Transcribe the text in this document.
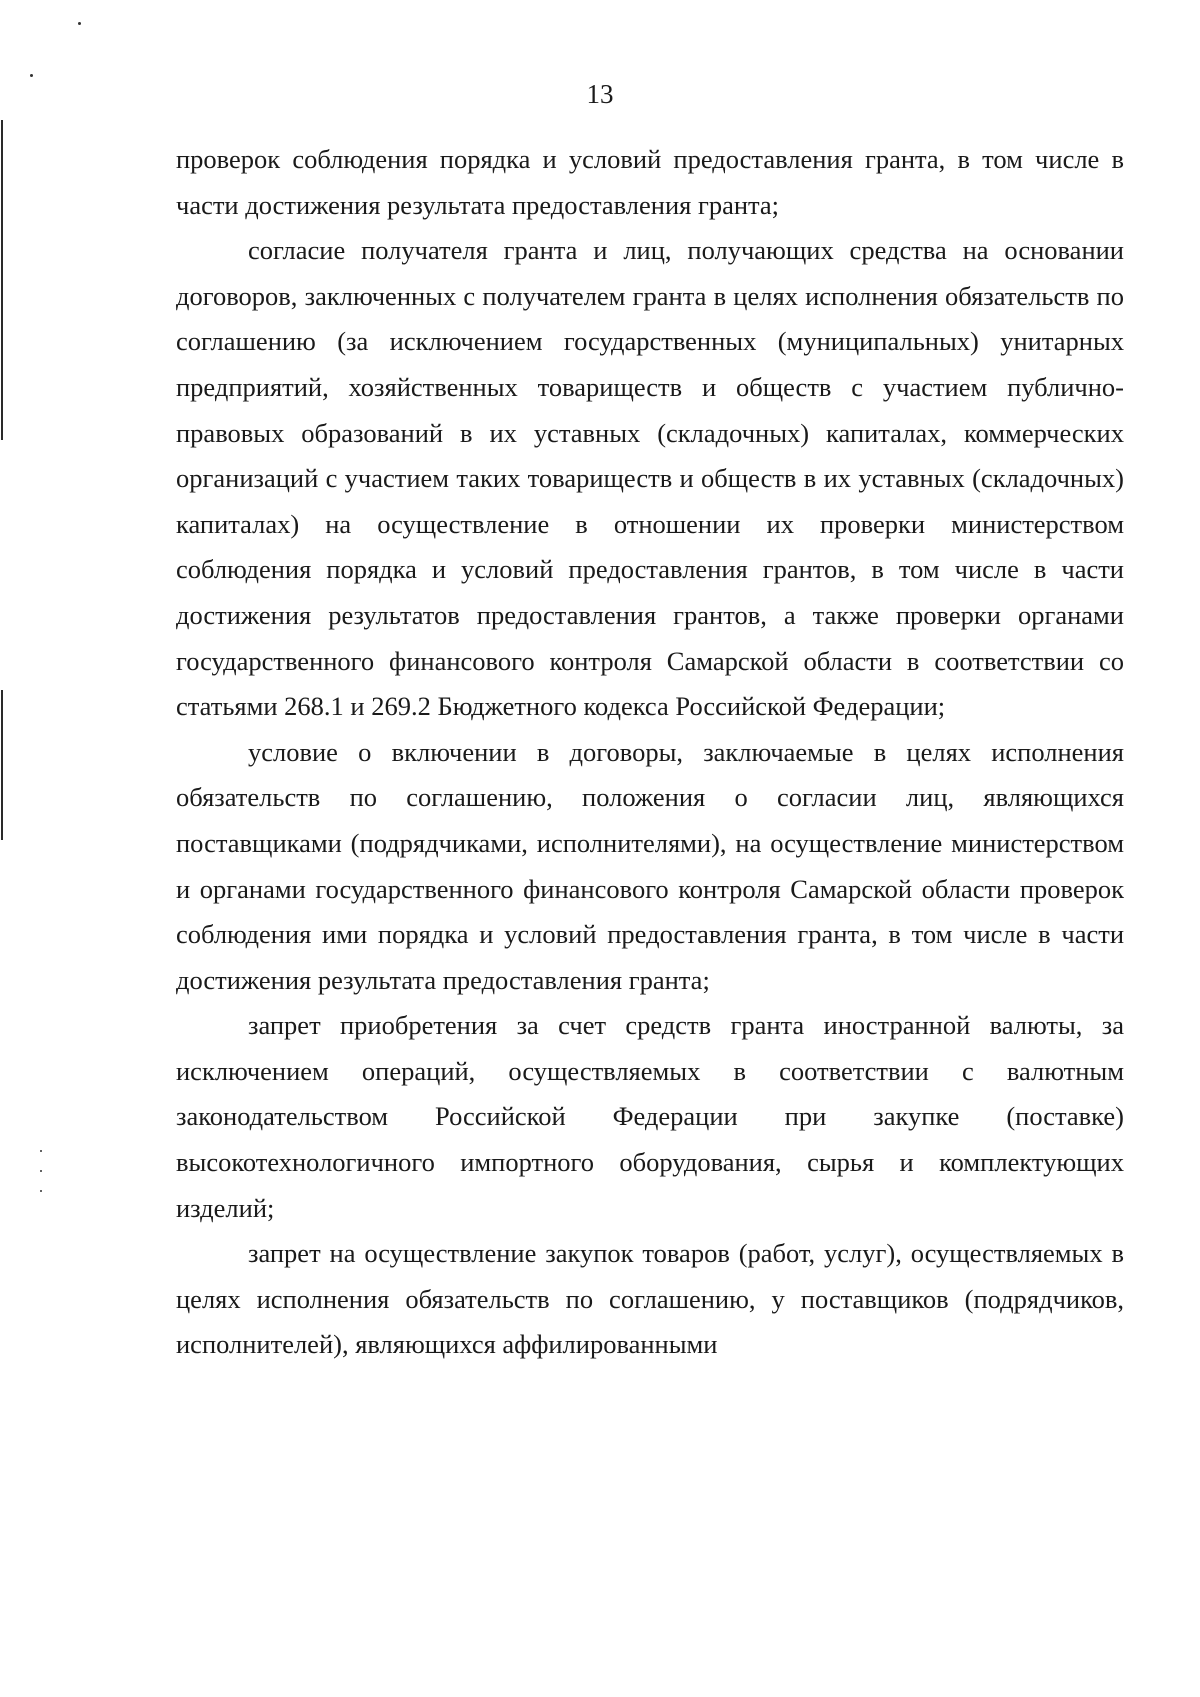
13

проверок соблюдения порядка и условий предоставления гранта, в том числе в части достижения результата предоставления гранта;

согласие получателя гранта и лиц, получающих средства на основании договоров, заключенных с получателем гранта в целях исполнения обязательств по соглашению (за исключением государственных (муниципальных) унитарных предприятий, хозяйственных товариществ и обществ с участием публично-правовых образований в их уставных (складочных) капиталах, коммерческих организаций с участием таких товариществ и обществ в их уставных (складочных) капиталах) на осуществление в отношении их проверки министерством соблюдения порядка и условий предоставления грантов, в том числе в части достижения результатов предоставления грантов, а также проверки органами государственного финансового контроля Самарской области в соответствии со статьями 268.1 и 269.2 Бюджетного кодекса Российской Федерации;

условие о включении в договоры, заключаемые в целях исполнения обязательств по соглашению, положения о согласии лиц, являющихся поставщиками (подрядчиками, исполнителями), на осуществление министерством и органами государственного финансового контроля Самарской области проверок соблюдения ими порядка и условий предоставления гранта, в том числе в части достижения результата предоставления гранта;

запрет приобретения за счет средств гранта иностранной валюты, за исключением операций, осуществляемых в соответствии с валютным законодательством Российской Федерации при закупке (поставке) высокотехнологичного импортного оборудования, сырья и комплектующих изделий;

запрет на осуществление закупок товаров (работ, услуг), осуществляемых в целях исполнения обязательств по соглашению, у поставщиков (подрядчиков, исполнителей), являющихся аффилированными
